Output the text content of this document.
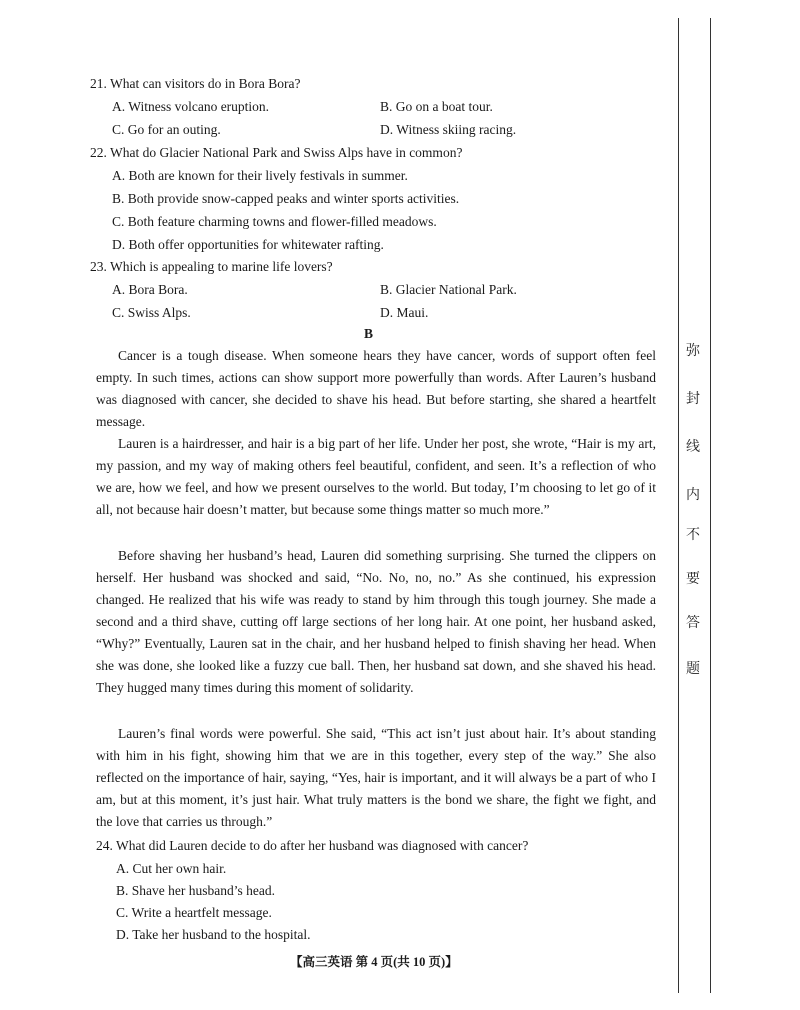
21. What can visitors do in Bora Bora?
A. Witness volcano eruption.	B. Go on a boat tour.
C. Go for an outing.	D. Witness skiing racing.
22. What do Glacier National Park and Swiss Alps have in common?
A. Both are known for their lively festivals in summer.
B. Both provide snow-capped peaks and winter sports activities.
C. Both feature charming towns and flower-filled meadows.
D. Both offer opportunities for whitewater rafting.
23. Which is appealing to marine life lovers?
A. Bora Bora.	B. Glacier National Park.
C. Swiss Alps.	D. Maui.
B
Cancer is a tough disease. When someone hears they have cancer, words of support often feel empty. In such times, actions can show support more powerfully than words. After Lauren’s husband was diagnosed with cancer, she decided to shave his head. But before starting, she shared a heartfelt message.
Lauren is a hairdresser, and hair is a big part of her life. Under her post, she wrote, “Hair is my art, my passion, and my way of making others feel beautiful, confident, and seen. It’s a reflection of who we are, how we feel, and how we present ourselves to the world. But today, I’m choosing to let go of it all, not because hair doesn’t matter, but because some things matter so much more.”
Before shaving her husband’s head, Lauren did something surprising. She turned the clippers on herself. Her husband was shocked and said, “No. No, no, no.” As she continued, his expression changed. He realized that his wife was ready to stand by him through this tough journey. She made a second and a third shave, cutting off large sections of her long hair. At one point, her husband asked, “Why?” Eventually, Lauren sat in the chair, and her husband helped to finish shaving her head. When she was done, she looked like a fuzzy cue ball. Then, her husband sat down, and she shaved his head. They hugged many times during this moment of solidarity.
Lauren’s final words were powerful. She said, “This act isn’t just about hair. It’s about standing with him in his fight, showing him that we are in this together, every step of the way.” She also reflected on the importance of hair, saying, “Yes, hair is important, and it will always be a part of who I am, but at this moment, it’s just hair. What truly matters is the bond we share, the fight we fight, and the love that carries us through.”
24. What did Lauren decide to do after her husband was diagnosed with cancer?
A. Cut her own hair.
B. Shave her husband’s head.
C. Write a heartfelt message.
D. Take her husband to the hospital.
【高三英语 第 4 页(共 10 页)】
弥
封
线
内
不
要
答
题
